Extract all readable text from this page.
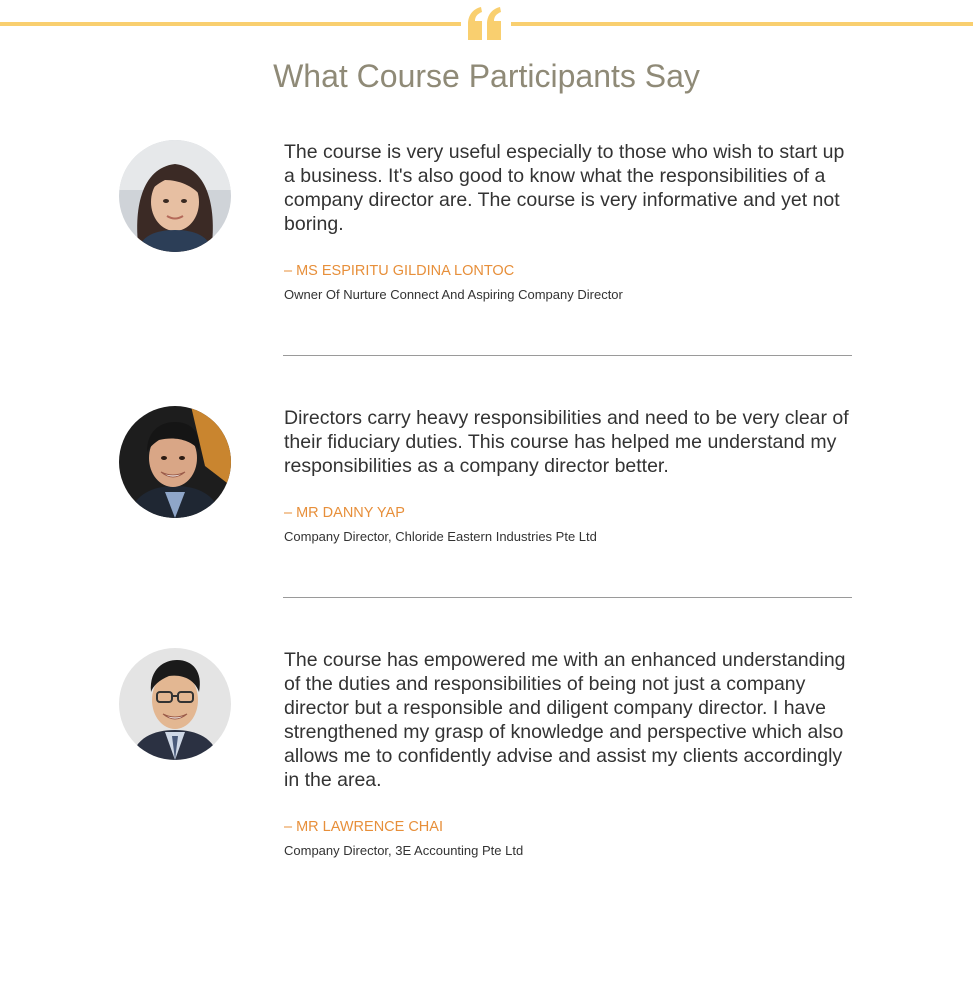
What Course Participants Say

The course is very useful especially to those who wish to start up a business. It's also good to know what the responsibilities of a company director are. The course is very informative and yet not boring.

– MS ESPIRITU GILDINA LONTOC

Owner Of Nurture Connect And Aspiring Company Director

Directors carry heavy responsibilities and need to be very clear of their fiduciary duties. This course has helped me understand my responsibilities as a company director better.

– MR DANNY YAP

Company Director, Chloride Eastern Industries Pte Ltd

The course has empowered me with an enhanced understanding of the duties and responsibilities of being not just a company director but a responsible and diligent company director. I have strengthened my grasp of knowledge and perspective which also allows me to confidently advise and assist my clients accordingly in the area.

– MR LAWRENCE CHAI

Company Director, 3E Accounting Pte Ltd
